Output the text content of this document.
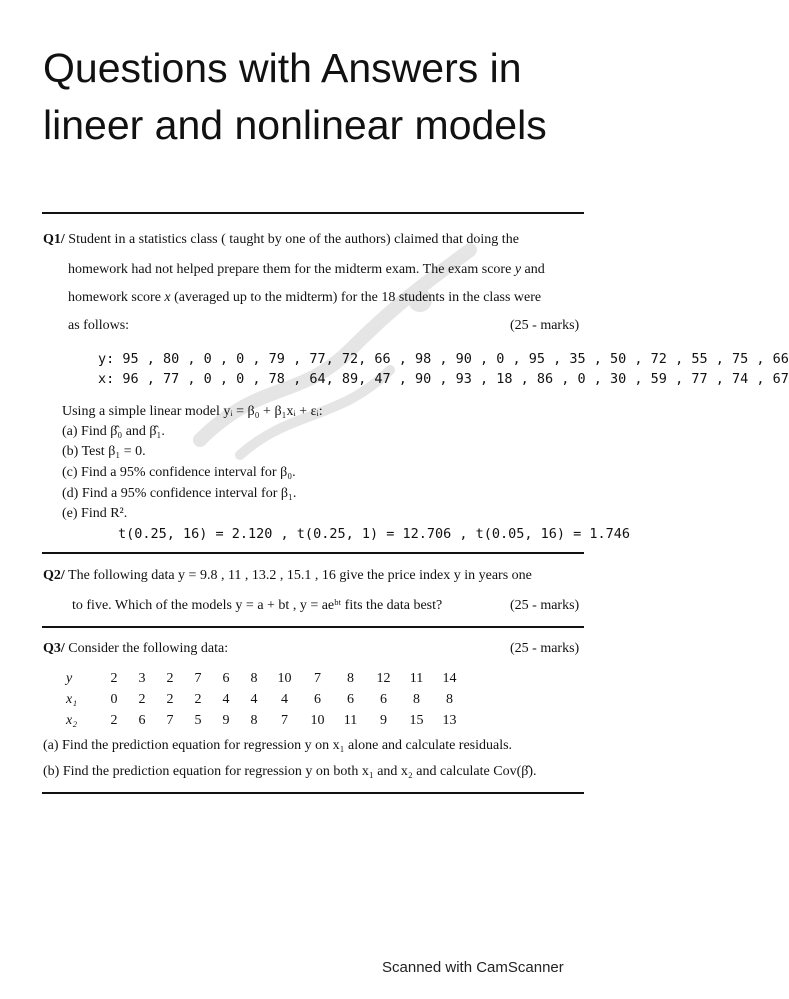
Questions with Answers in
lineer and nonlinear models
Q1/ Student in a statistics class ( taught by one of the authors) claimed that doing the
homework had not helped prepare them for the midterm exam. The exam score y and
homework score x (averaged up to the midterm) for the 18 students in the class were
as follows:	(25 - marks)
y: 95 , 80 , 0 , 0 , 79 , 77, 72, 66 , 98 , 90 , 0 , 95 , 35 , 50 , 72 , 55 , 75 , 66
x: 96 , 77 , 0 , 0 , 78 , 64, 89, 47 , 90 , 93 , 18 , 86 , 0 , 30 , 59 , 77 , 74 , 67
Using a simple linear model yᵢ = β₀ + β₁xᵢ + εᵢ:
(a) Find β̂₀ and β̂₁.
(b) Test β₁ = 0.
(c) Find a 95% confidence interval for β₀.
(d) Find a 95% confidence interval for β₁.
(e) Find R².
t(0.25, 16) = 2.120 , t(0.25, 1) = 12.706 , t(0.05, 16) = 1.746
Q2/ The following data y = 9.8 , 11 , 13.2 , 15.1 , 16 give the price index y in years one
to five. Which of the models y = a + bt , y = aeᵇᵗ fits the data best?	(25 - marks)
Q3/ Consider the following data:	(25 - marks)
y	2	3	2	7	6	8	10	7	8	12	11	14
x₁	0	2	2	2	4	4	4	6	6	6	8	8
x₂	2	6	7	5	9	8	7	10	11	9	15	13
(a) Find the prediction equation for regression y on x₁ alone and calculate residuals.
(b) Find the prediction equation for regression y on both x₁ and x₂ and calculate Cov(β̂).
Scanned with CamScanner
